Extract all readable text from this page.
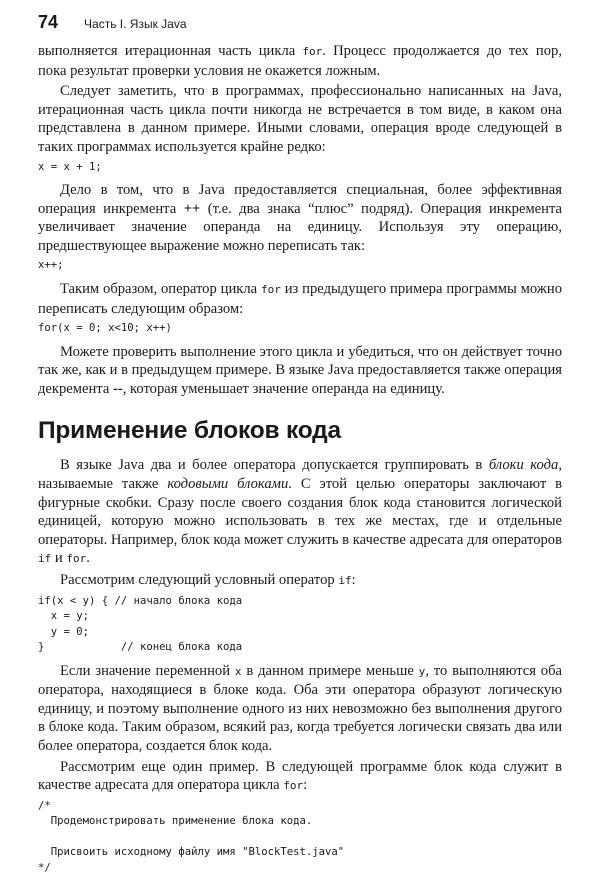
74 Часть I. Язык Java

выполняется итерационная часть цикла for. Процесс продолжается до тех пор, пока результат проверки условия не окажется ложным.

Следует заметить, что в программах, профессионально написанных на Java, итерационная часть цикла почти никогда не встречается в том виде, в каком она представлена в данном примере. Иными словами, операция вроде следующей в таких программах используется крайне редко:

x = x + 1;

Дело в том, что в Java предоставляется специальная, более эффективная операция инкремента ++ (т.е. два знака “плюс” подряд). Операция инкремента увеличивает значение операнда на единицу. Используя эту операцию, предшествующее выражение можно переписать так:

x++;

Таким образом, оператор цикла for из предыдущего примера программы можно переписать следующим образом:

for(x = 0; x<10; x++)

Можете проверить выполнение этого цикла и убедиться, что он действует точно так же, как и в предыдущем примере. В языке Java предоставляется также операция декремента --, которая уменьшает значение операнда на единицу.

Применение блоков кода

В языке Java два и более оператора допускается группировать в блоки кода, называемые также кодовыми блоками. С этой целью операторы заключают в фигурные скобки. Сразу после своего создания блок кода становится логической единицей, которую можно использовать в тех же местах, где и отдельные операторы. Например, блок кода может служить в качестве адресата для операторов if и for.

Рассмотрим следующий условный оператор if:

if(x < y) { // начало блока кода
x = y;
y = 0;
}            // конец блока кода

Если значение переменной x в данном примере меньше y, то выполняются оба оператора, находящиеся в блоке кода. Оба эти оператора образуют логическую единицу, и поэтому выполнение одного из них невозможно без выполнения другого в блоке кода. Таким образом, всякий раз, когда требуется логически связать два или более оператора, создается блок кода.

Рассмотрим еще один пример. В следующей программе блок кода служит в качестве адресата для оператора цикла for:

/*
Продемонстрировать применение блока кода.

Присвоить исходному файлу имя "BlockTest.java"
*/
